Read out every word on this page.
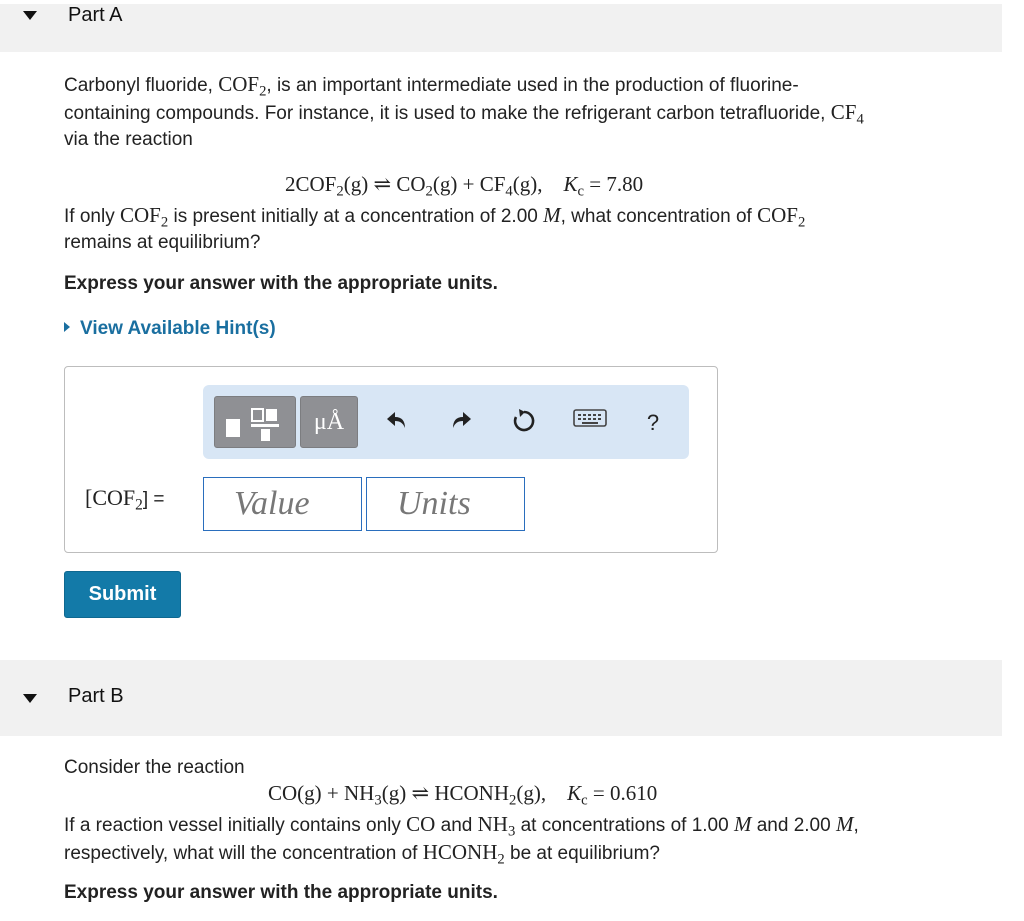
Part A

Carbonyl fluoride, $COF_2$, is an important intermediate used in the production of fluorine-
containing compounds. For instance, it is used to make the refrigerant carbon tetrafluoride, $CF_4$
via the reaction

$2COF_2(g)$ ⇌ $CO_2(g) + CF_4(g)$, $K_c = 7.80$

If only $COF_2$ is present initially at a concentration of 2.00 M, what concentration of $COF_2$
remains at equilibrium?

Express your answer with the appropriate units.

View Available Hint(s)
μÅ	?
$[COF_2]$ =	Value	Units
Submit
Part B

Consider the reaction

$CO(g) + NH_3(g)$ ⇌ $HCONH_2(g)$, $K_c = 0.610$

If a reaction vessel initially contains only CO and $NH_3$ at concentrations of 1.00 M and 2.00 M,
respectively, what will the concentration of $HCONH_2$ be at equilibrium?

Express your answer with the appropriate units.
